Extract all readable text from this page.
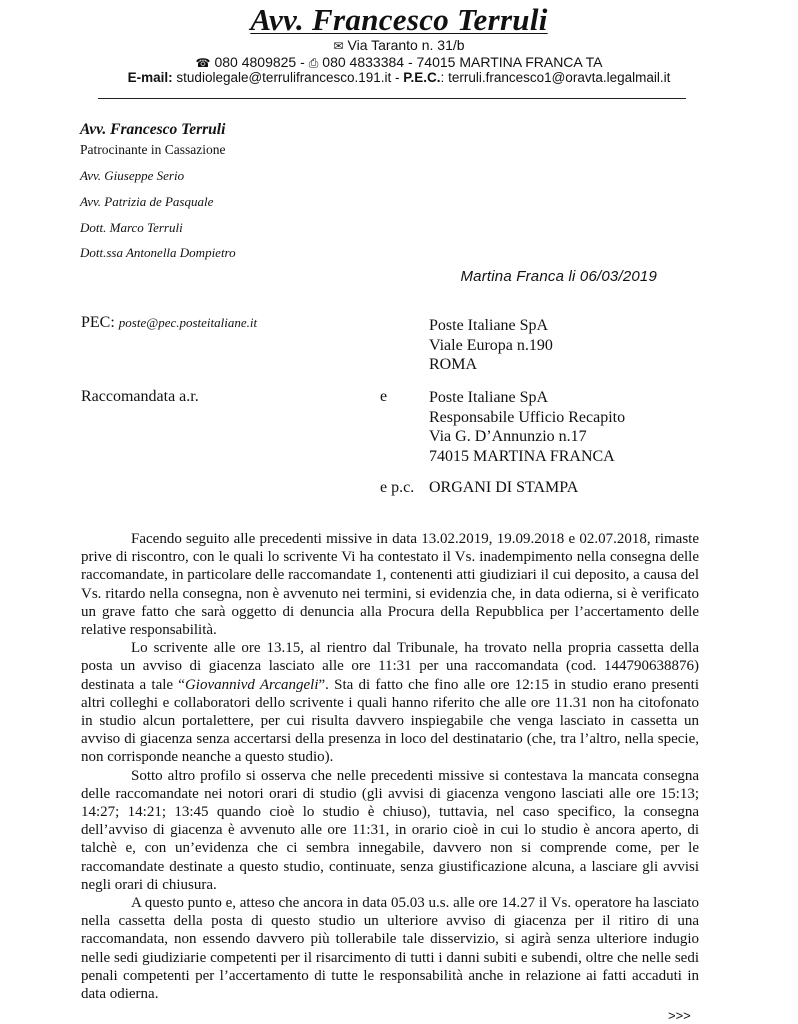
Avv. Francesco Terruli
✉ Via Taranto n. 31/b
☎ 080 4809825 - ⎙ 080 4833384 - 74015 MARTINA FRANCA TA
E-mail: studiolegale@terrulifrancesco.191.it - P.E.C.: terruli.francesco1@oravta.legalmail.it
Avv. Francesco Terruli
Patrocinante in Cassazione
Avv. Giuseppe Serio
Avv. Patrizia de Pasquale
Dott. Marco Terruli
Dott.ssa Antonella Dompietro
Martina Franca li 06/03/2019
PEC: poste@pec.posteitaliane.it	Poste Italiane SpA
Viale Europa n.190
ROMA
Raccomandata a.r.	e	Poste Italiane SpA
Responsabile Ufficio Recapito
Via G. D’Annunzio n.17
74015 MARTINA FRANCA
e p.c. ORGANI DI STAMPA

Facendo seguito alle precedenti missive in data 13.02.2019, 19.09.2018 e 02.07.2018, rimaste prive di riscontro, con le quali lo scrivente Vi ha contestato il Vs. inadempimento nella consegna delle raccomandate, in particolare delle raccomandate 1, contenenti atti giudiziari il cui deposito, a causa del Vs. ritardo nella consegna, non è avvenuto nei termini, si evidenzia che, in data odierna, si è verificato un grave fatto che sarà oggetto di denuncia alla Procura della Repubblica per l’accertamento delle relative responsabilità.

Lo scrivente alle ore 13.15, al rientro dal Tribunale, ha trovato nella propria cassetta della posta un avviso di giacenza lasciato alle ore 11:31 per una raccomandata (cod. 144790638876) destinata a tale “Giovannivd Arcangeli”. Sta di fatto che fino alle ore 12:15 in studio erano presenti altri colleghi e collaboratori dello scrivente i quali hanno riferito che alle ore 11.31 non ha citofonato in studio alcun portalettere, per cui risulta davvero inspiegabile che venga lasciato in cassetta un avviso di giacenza senza accertarsi della presenza in loco del destinatario (che, tra l’altro, nella specie, non corrisponde neanche a questo studio).

Sotto altro profilo si osserva che nelle precedenti missive si contestava la mancata consegna delle raccomandate nei notori orari di studio (gli avvisi di giacenza vengono lasciati alle ore 15:13; 14:27; 14:21; 13:45 quando cioè lo studio è chiuso), tuttavia, nel caso specifico, la consegna dell’avviso di giacenza è avvenuto alle ore 11:31, in orario cioè in cui lo studio è ancora aperto, di talchè e, con un’evidenza che ci sembra innegabile, davvero non si comprende come, per le raccomandate destinate a questo studio, continuate, senza giustificazione alcuna, a lasciare gli avvisi negli orari di chiusura.

A questo punto e, atteso che ancora in data 05.03 u.s. alle ore 14.27 il Vs. operatore ha lasciato nella cassetta della posta di questo studio un ulteriore avviso di giacenza per il ritiro di una raccomandata, non essendo davvero più tollerabile tale disservizio, si agirà senza ulteriore indugio nelle sedi giudiziarie competenti per il risarcimento di tutti i danni subiti e subendi, oltre che nelle sedi penali competenti per l’accertamento di tutte le responsabilità anche in relazione ai fatti accaduti in data odierna.

>>>
